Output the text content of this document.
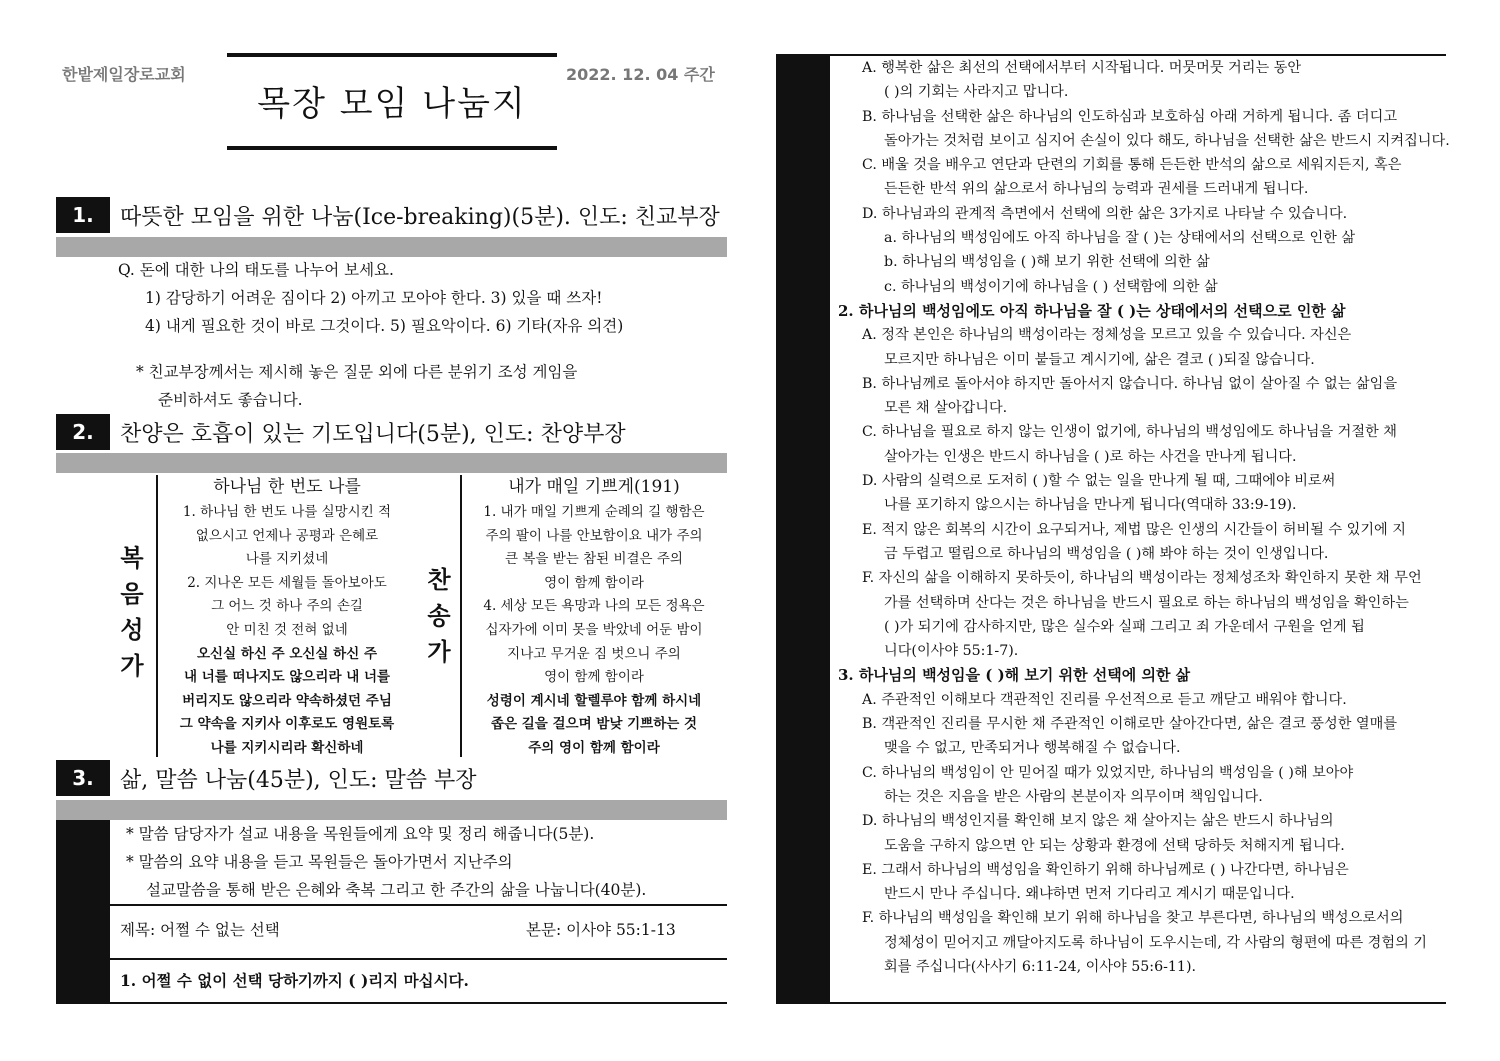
한밭제일장로교회	2022. 12. 04 주간
목장 모임 나눔지
1.	따뜻한 모임을 위한 나눔(Ice-breaking)(5분). 인도: 친교부장
Q. 돈에 대한 나의 태도를 나누어 보세요.
1) 감당하기 어려운 짐이다 2) 아끼고 모아야 한다. 3) 있을 때 쓰자!
4) 내게 필요한 것이 바로 그것이다. 5) 필요악이다. 6) 기타(자유 의견)
* 친교부장께서는 제시해 놓은 질문 외에 다른 분위기 조성 게임을
준비하셔도 좋습니다.
2.	찬양은 호흡이 있는 기도입니다(5분), 인도: 찬양부장
복
음
성
가
찬
송
가
하나님 한 번도 나를
1. 하나님 한 번도 나를 실망시킨 적
없으시고 언제나 공평과 은혜로
나를 지키셨네
2. 지나온 모든 세월들 돌아보아도
그 어느 것 하나 주의 손길
안 미친 것 전혀 없네
오신실 하신 주 오신실 하신 주
내 너를 떠나지도 않으리라 내 너를
버리지도 않으리라 약속하셨던 주님
그 약속을 지키사 이후로도 영원토록
나를 지키시리라 확신하네
내가 매일 기쁘게(191)
1. 내가 매일 기쁘게 순례의 길 행함은
주의 팔이 나를 안보함이요 내가 주의
큰 복을 받는 참된 비결은 주의
영이 함께 함이라
4. 세상 모든 욕망과 나의 모든 정욕은
십자가에 이미 못을 박았네 어둔 밤이
지나고 무거운 짐 벗으니 주의
영이 함께 함이라
성령이 계시네 할렐루야 함께 하시네
좁은 길을 걸으며 밤낮 기쁘하는 것
주의 영이 함께 함이라
3.	삶, 말씀 나눔(45분), 인도: 말씀 부장
* 말씀 담당자가 설교 내용을 목원들에게 요약 및 정리 해줍니다(5분).
* 말씀의 요약 내용을 듣고 목원들은 돌아가면서 지난주의
설교말씀을 통해 받은 은혜와 축복 그리고 한 주간의 삶을 나눕니다(40분).
제목: 어쩔 수 없는 선택	본문: 이사야 55:1-13
1. 어쩔 수 없이 선택 당하기까지 ( )리지 마십시다.
A. 행복한 삶은 최선의 선택에서부터 시작됩니다. 머뭇머뭇 거리는 동안
( )의 기회는 사라지고 맙니다.
B. 하나님을 선택한 삶은 하나님의 인도하심과 보호하심 아래 거하게 됩니다. 좀 더디고
돌아가는 것처럼 보이고 심지어 손실이 있다 해도, 하나님을 선택한 삶은 반드시 지켜집니다.
C. 배울 것을 배우고 연단과 단련의 기회를 통해 든든한 반석의 삶으로 세워지든지, 혹은
든든한 반석 위의 삶으로서 하나님의 능력과 권세를 드러내게 됩니다.
D. 하나님과의 관계적 측면에서 선택에 의한 삶은 3가지로 나타날 수 있습니다.
a. 하나님의 백성임에도 아직 하나님을 잘 ( )는 상태에서의 선택으로 인한 삶
b. 하나님의 백성임을 ( )해 보기 위한 선택에 의한 삶
c. 하나님의 백성이기에 하나님을 ( ) 선택함에 의한 삶
2. 하나님의 백성임에도 아직 하나님을 잘 ( )는 상태에서의 선택으로 인한 삶
A. 정작 본인은 하나님의 백성이라는 정체성을 모르고 있을 수 있습니다. 자신은
모르지만 하나님은 이미 붙들고 계시기에, 삶은 결코 ( )되질 않습니다.
B. 하나님께로 돌아서야 하지만 돌아서지 않습니다. 하나님 없이 살아질 수 없는 삶임을
모른 채 살아갑니다.
C. 하나님을 필요로 하지 않는 인생이 없기에, 하나님의 백성임에도 하나님을 거절한 채
살아가는 인생은 반드시 하나님을 ( )로 하는 사건을 만나게 됩니다.
D. 사람의 실력으로 도저히 ( )할 수 없는 일을 만나게 될 때, 그때에야 비로써
나를 포기하지 않으시는 하나님을 만나게 됩니다(역대하 33:9-19).
E. 적지 않은 회복의 시간이 요구되거나, 제법 많은 인생의 시간들이 허비될 수 있기에 지
금 두렵고 떨림으로 하나님의 백성임을 ( )해 봐야 하는 것이 인생입니다.
F. 자신의 삶을 이해하지 못하듯이, 하나님의 백성이라는 정체성조차 확인하지 못한 채 무언
가를 선택하며 산다는 것은 하나님을 반드시 필요로 하는 하나님의 백성임을 확인하는
( )가 되기에 감사하지만, 많은 실수와 실패 그리고 죄 가운데서 구원을 얻게 됩
니다(이사야 55:1-7).
3. 하나님의 백성임을 ( )해 보기 위한 선택에 의한 삶
A. 주관적인 이해보다 객관적인 진리를 우선적으로 듣고 깨닫고 배워야 합니다.
B. 객관적인 진리를 무시한 채 주관적인 이해로만 살아간다면, 삶은 결코 풍성한 열매를
맺을 수 없고, 만족되거나 행복해질 수 없습니다.
C. 하나님의 백성임이 안 믿어질 때가 있었지만, 하나님의 백성임을 ( )해 보아야
하는 것은 지음을 받은 사람의 본분이자 의무이며 책임입니다.
D. 하나님의 백성인지를 확인해 보지 않은 채 살아지는 삶은 반드시 하나님의
도움을 구하지 않으면 안 되는 상황과 환경에 선택 당하듯 처해지게 됩니다.
E. 그래서 하나님의 백성임을 확인하기 위해 하나님께로 ( ) 나간다면, 하나님은
반드시 만나 주십니다. 왜냐하면 먼저 기다리고 계시기 때문입니다.
F. 하나님의 백성임을 확인해 보기 위해 하나님을 찾고 부른다면, 하나님의 백성으로서의
정체성이 믿어지고 깨달아지도록 하나님이 도우시는데, 각 사람의 형편에 따른 경험의 기
회를 주십니다(사사기 6:11-24, 이사야 55:6-11).
